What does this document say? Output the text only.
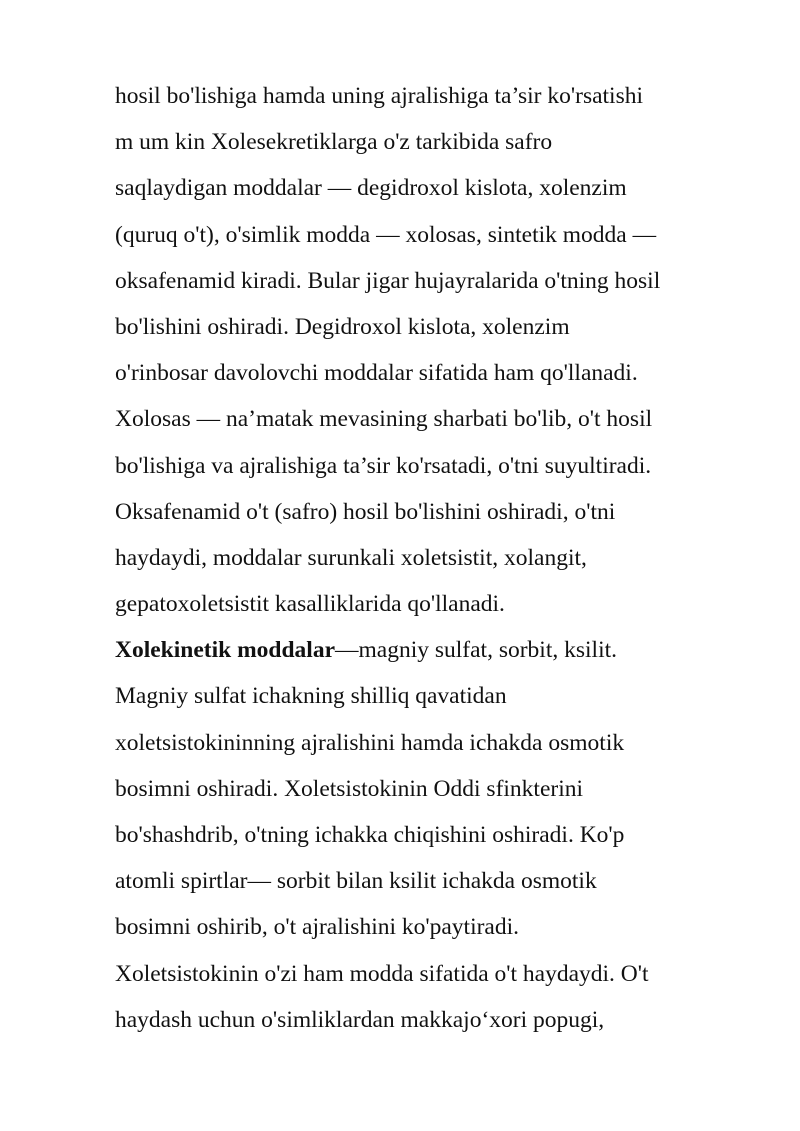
hosil bo'lishiga hamda uning ajralishiga ta’sir ko'rsatishi
m um kin Xolesekretiklarga o'z tarkibida safro
saqlaydigan moddalar — degidroxol kislota, xolenzim
(quruq o't), o'simlik modda — xolosas, sintetik modda —
oksafenamid kiradi. Bular jigar hujayralarida o'tning hosil
bo'lishini oshiradi. Degidroxol kislota, xolenzim
o'rinbosar davolovchi moddalar sifatida ham qo'llanadi.
Xolosas — na’matak mevasining sharbati bo'lib, o't hosil
bo'lishiga va ajralishiga ta’sir ko'rsatadi, o'tni suyultiradi.
Oksafenamid o't (safro) hosil bo'lishini oshiradi, o'tni
haydaydi, moddalar surunkali xoletsistit, xolangit,
gepatoxoletsistit kasalliklarida qo'llanadi.
Xolekinetik moddalar—magniy sulfat, sorbit, ksilit.
Magniy sulfat ichakning shilliq qavatidan
xoletsistokininning ajralishini hamda ichakda osmotik
bosimni oshiradi. Xoletsistokinin Oddi sfinkterini
bo'shashdrib, o'tning ichakka chiqishini oshiradi. Ko'p
atomli spirtlar— sorbit bilan ksilit ichakda osmotik
bosimni oshirib, o't ajralishini ko'paytiradi.
Xoletsistokinin o'zi ham modda sifatida o't haydaydi. O't
haydash uchun o'simliklardan makkajo‘xori popugi,
